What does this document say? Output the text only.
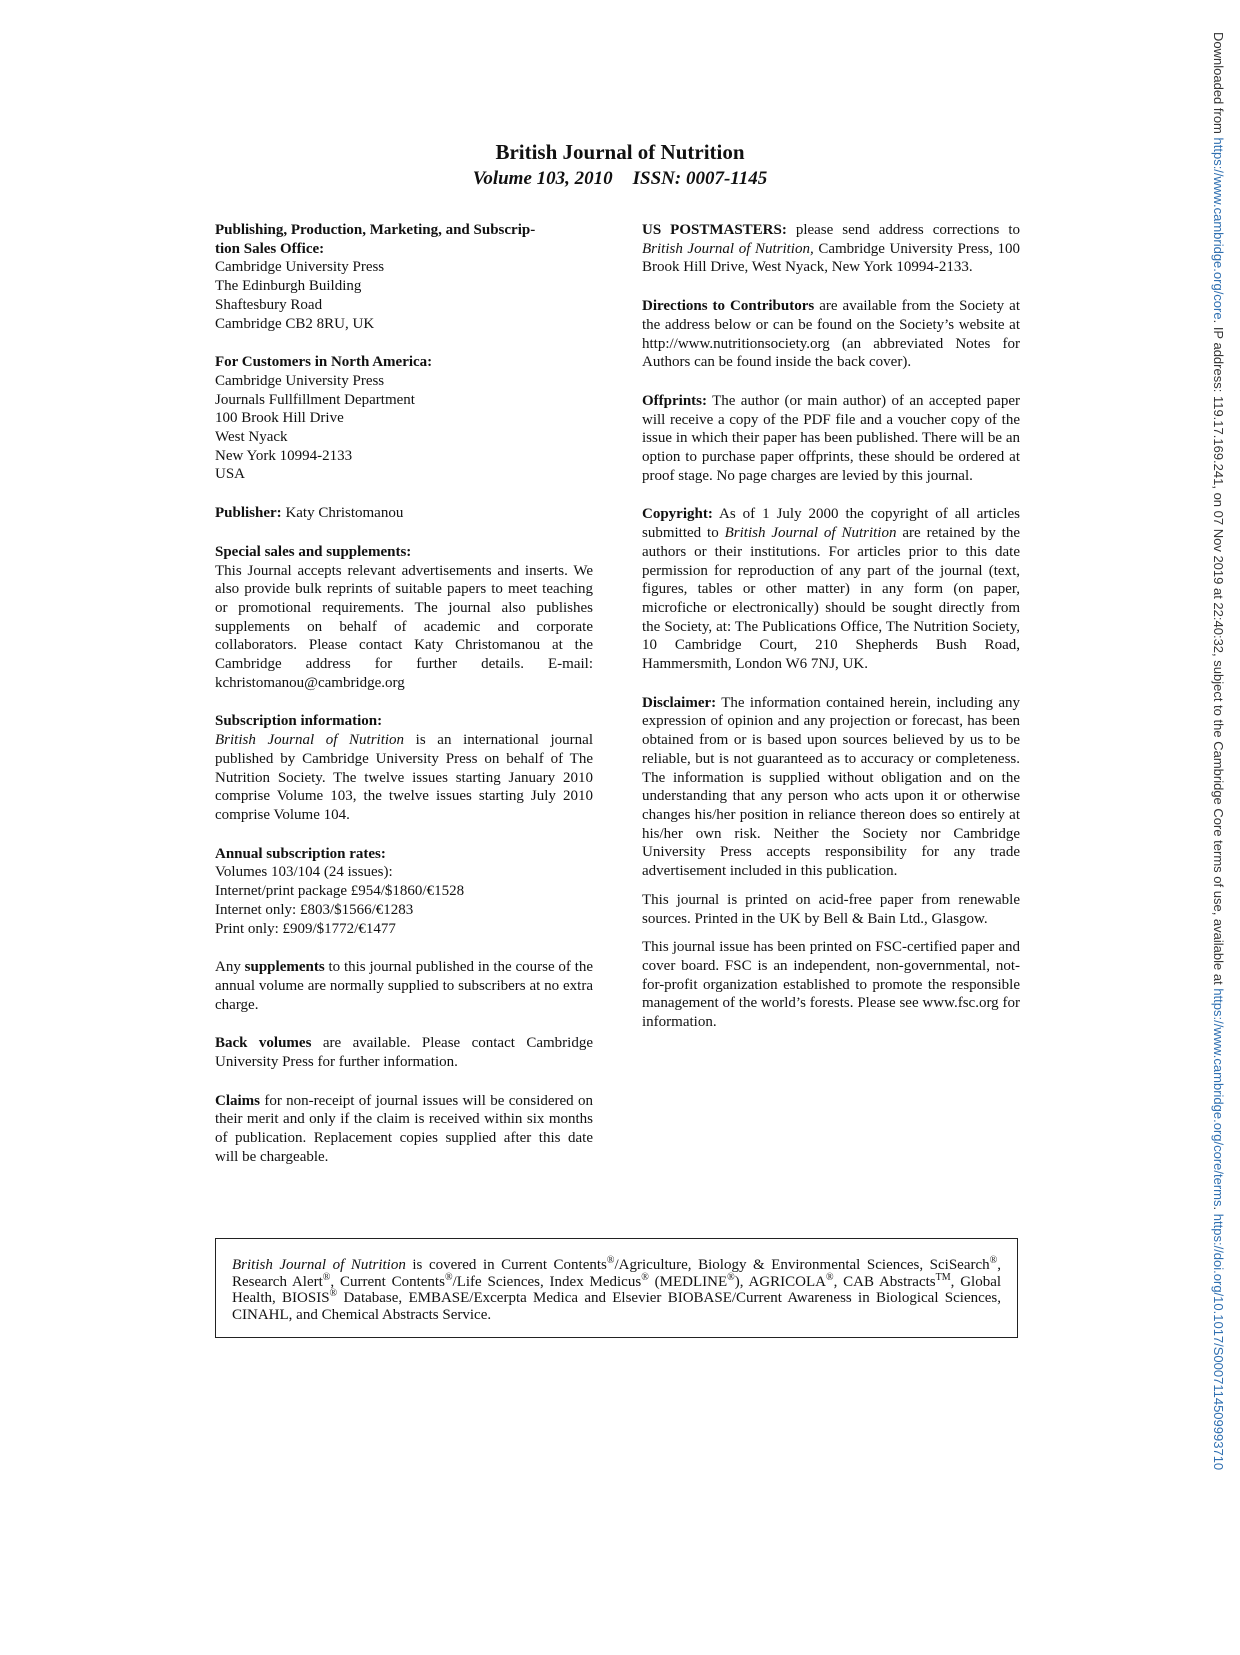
British Journal of Nutrition
Volume 103, 2010 ISSN: 0007-1145
Publishing, Production, Marketing, and Subscrip-
tion Sales Office:
Cambridge University Press
The Edinburgh Building
Shaftesbury Road
Cambridge CB2 8RU, UK
For Customers in North America:
Cambridge University Press
Journals Fullfillment Department
100 Brook Hill Drive
West Nyack
New York 10994-2133
USA
Publisher: Katy Christomanou
Special sales and supplements:
This Journal accepts relevant advertisements and inserts. We also provide bulk reprints of suitable papers to meet teaching or promotional requirements. The journal also publishes supplements on behalf of academic and corporate collaborators. Please contact Katy Christomanou at the Cambridge address for further details. E-mail: kchristomanou@cambridge.org
Subscription information:
British Journal of Nutrition is an international journal published by Cambridge University Press on behalf of The Nutrition Society. The twelve issues starting January 2010 comprise Volume 103, the twelve issues starting July 2010 comprise Volume 104.
Annual subscription rates:
Volumes 103/104 (24 issues):
Internet/print package £954/$1860/€1528
Internet only: £803/$1566/€1283
Print only: £909/$1772/€1477
Any supplements to this journal published in the course of the annual volume are normally supplied to subscribers at no extra charge.
Back volumes are available. Please contact Cambridge University Press for further information.
Claims for non-receipt of journal issues will be considered on their merit and only if the claim is received within six months of publication. Replacement copies supplied after this date will be chargeable.
US POSTMASTERS: please send address corrections to British Journal of Nutrition, Cambridge University Press, 100 Brook Hill Drive, West Nyack, New York 10994-2133.
Directions to Contributors are available from the Society at the address below or can be found on the Society’s website at http://www.nutritionsociety.org (an abbreviated Notes for Authors can be found inside the back cover).
Offprints: The author (or main author) of an accepted paper will receive a copy of the PDF file and a voucher copy of the issue in which their paper has been published. There will be an option to purchase paper offprints, these should be ordered at proof stage. No page charges are levied by this journal.
Copyright: As of 1 July 2000 the copyright of all articles submitted to British Journal of Nutrition are retained by the authors or their institutions. For articles prior to this date permission for reproduction of any part of the journal (text, figures, tables or other matter) in any form (on paper, microfiche or electronically) should be sought directly from the Society, at: The Publications Office, The Nutrition Society, 10 Cambridge Court, 210 Shepherds Bush Road, Hammersmith, London W6 7NJ, UK.
Disclaimer: The information contained herein, including any expression of opinion and any projection or forecast, has been obtained from or is based upon sources believed by us to be reliable, but is not guaranteed as to accuracy or completeness. The information is supplied without obligation and on the understanding that any person who acts upon it or otherwise changes his/her position in reliance thereon does so entirely at his/her own risk. Neither the Society nor Cambridge University Press accepts responsibility for any trade advertisement included in this publication.
This journal is printed on acid-free paper from renewable sources. Printed in the UK by Bell & Bain Ltd., Glasgow.
This journal issue has been printed on FSC-certified paper and cover board. FSC is an independent, non-governmental, not-for-profit organization established to promote the responsible management of the world’s forests. Please see www.fsc.org for information.
British Journal of Nutrition is covered in Current Contents®/Agriculture, Biology & Environmental Sciences, SciSearch®, Research Alert®, Current Contents®/Life Sciences, Index Medicus® (MEDLINE®), AGRICOLA®, CAB Abstracts™, Global Health, BIOSIS® Database, EMBASE/Excerpta Medica and Elsevier BIOBASE/Current Awareness in Biological Sciences, CINAHL, and Chemical Abstracts Service.
Downloaded from https://www.cambridge.org/core. IP address: 119.17.169.241, on 07 Nov 2019 at 22:40:32, subject to the Cambridge Core terms of use, available at https://www.cambridge.org/core/terms. https://doi.org/10.1017/S0007114509993710
